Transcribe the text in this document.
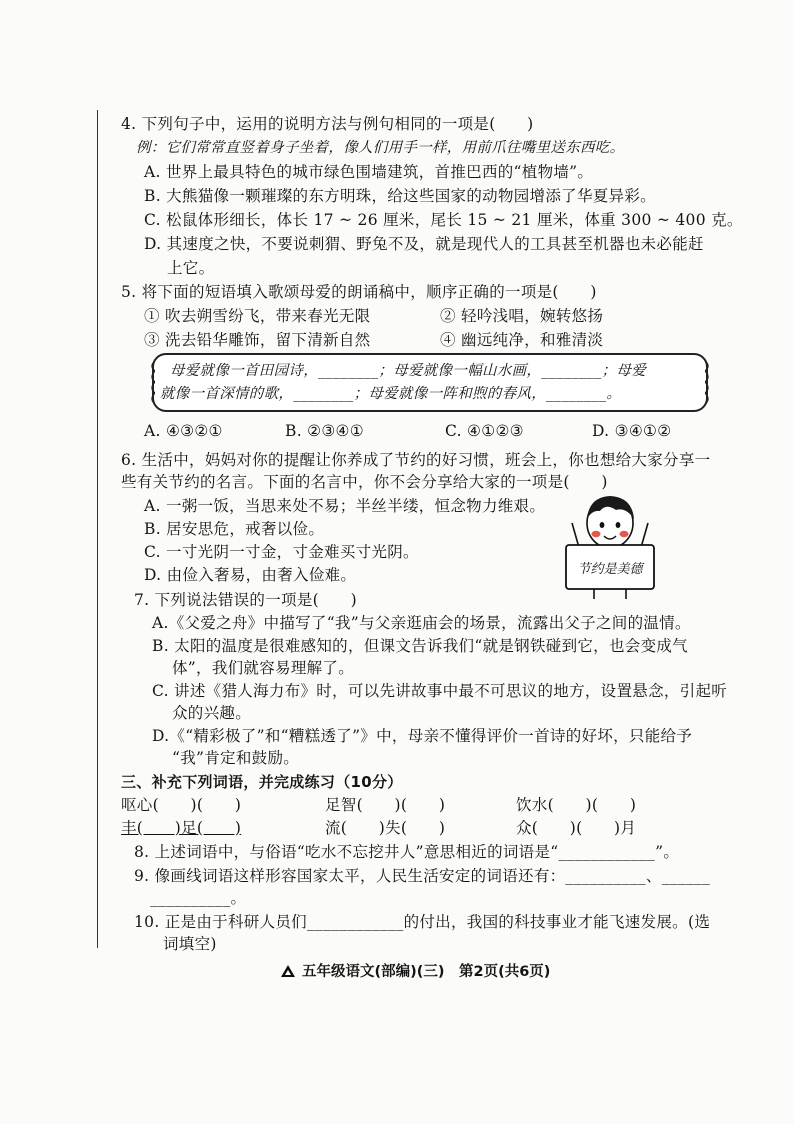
4. 下列句子中，运用的说明方法与例句相同的一项是(　　)
例：它们常常直竖着身子坐着，像人们用手一样，用前爪往嘴里送东西吃。
A. 世界上最具特色的城市绿色围墙建筑，首推巴西的“植物墙”。
B. 大熊猫像一颗璀璨的东方明珠，给这些国家的动物园增添了华夏异彩。
C. 松鼠体形细长，体长 17 ~ 26 厘米，尾长 15 ~ 21 厘米，体重 300 ~ 400 克。
D. 其速度之快，不要说刺猬、野兔不及，就是现代人的工具甚至机器也未必能赶
上它。
5. 将下面的短语填入歌颂母爱的朗诵稿中，顺序正确的一项是(　　)
① 吹去朔雪纷飞，带来春光无限	② 轻吟浅唱，婉转悠扬
③ 洗去铅华雕饰，留下清新自然	④ 幽远纯净，和雅清淡
母爱就像一首田园诗，________；母爱就像一幅山水画，________；母爱
就像一首深情的歌，________；母爱就像一阵和煦的春风，________。
A. ④③②①	B. ②③④①	C. ④①②③	D. ③④①②
6. 生活中，妈妈对你的提醒让你养成了节约的好习惯，班会上，你也想给大家分享一
些有关节约的名言。下面的名言中，你不会分享给大家的一项是(　　)
A. 一粥一饭，当思来处不易；半丝半缕，恒念物力维艰。
B. 居安思危，戒奢以俭。
C. 一寸光阴一寸金，寸金难买寸光阴。
D. 由俭入奢易，由奢入俭难。	节约是美德
7. 下列说法错误的一项是(　　)
A.《父爱之舟》中描写了“我”与父亲逛庙会的场景，流露出父子之间的温情。
B. 太阳的温度是很难感知的，但课文告诉我们“就是钢铁碰到它，也会变成气
体”，我们就容易理解了。
C. 讲述《猎人海力布》时，可以先讲故事中最不可思议的地方，设置悬念，引起听
众的兴趣。
D.《“精彩极了”和“糟糕透了”》中，母亲不懂得评价一首诗的好坏，只能给予
“我”肯定和鼓励。
三、补充下列词语，并完成练习（10分）
呕心(　　)(　　)	足智(　　)(　　)	饮水(　　)(　　)
丰(　　)足(　　)	流(　　)失(　　)	众(　　)(　　)月
8. 上述词语中，与俗语“吃水不忘挖井人”意思相近的词语是“____________”。
9. 像画线词语这样形容国家太平，人民生活安定的词语还有：__________、______
__________。
10. 正是由于科研人员们____________的付出，我国的科技事业才能飞速发展。(选
词填空)
五年级语文(部编)(三)　第2页(共6页)
